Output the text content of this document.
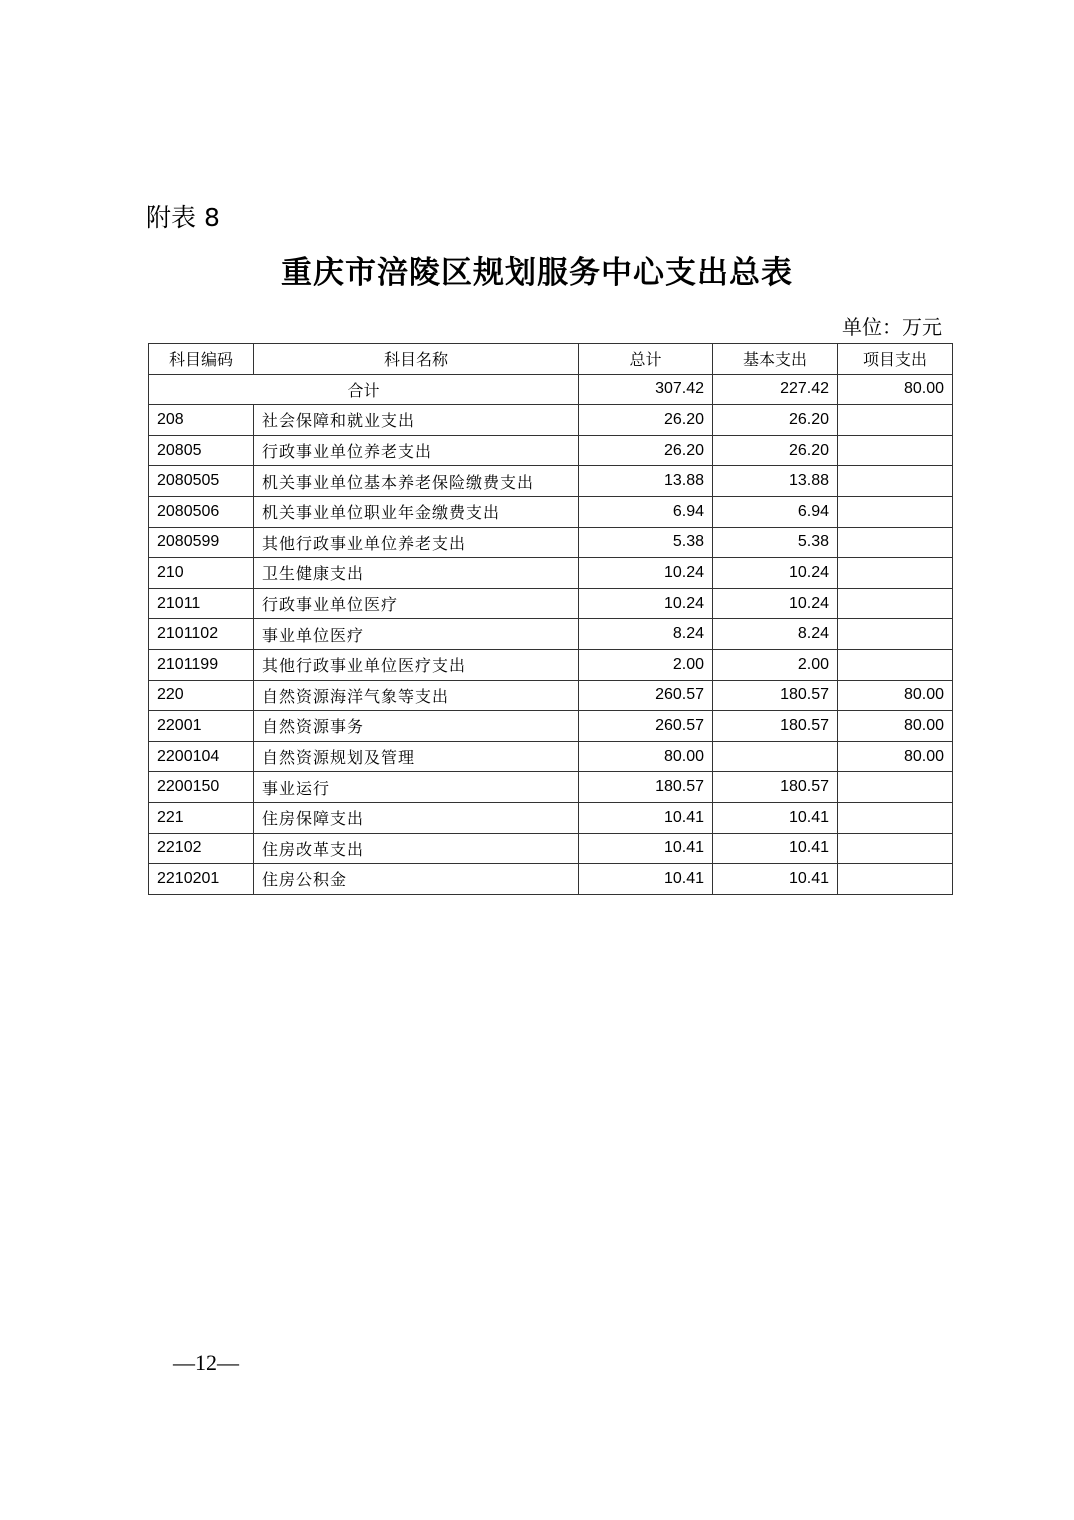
附表 8
重庆市涪陵区规划服务中心支出总表
单位：万元
科目编码	科目名称	总计	基本支出	项目支出
合计		307.42	227.42	80.00
208	社会保障和就业支出	26.20	26.20	
20805	行政事业单位养老支出	26.20	26.20	
2080505	机关事业单位基本养老保险缴费支出	13.88	13.88	
2080506	机关事业单位职业年金缴费支出	6.94	6.94	
2080599	其他行政事业单位养老支出	5.38	5.38	
210	卫生健康支出	10.24	10.24	
21011	行政事业单位医疗	10.24	10.24	
2101102	事业单位医疗	8.24	8.24	
2101199	其他行政事业单位医疗支出	2.00	2.00	
220	自然资源海洋气象等支出	260.57	180.57	80.00
22001	自然资源事务	260.57	180.57	80.00
2200104	自然资源规划及管理	80.00		80.00
2200150	事业运行	180.57	180.57	
221	住房保障支出	10.41	10.41	
22102	住房改革支出	10.41	10.41	
2210201	住房公积金	10.41	10.41	
—12—
